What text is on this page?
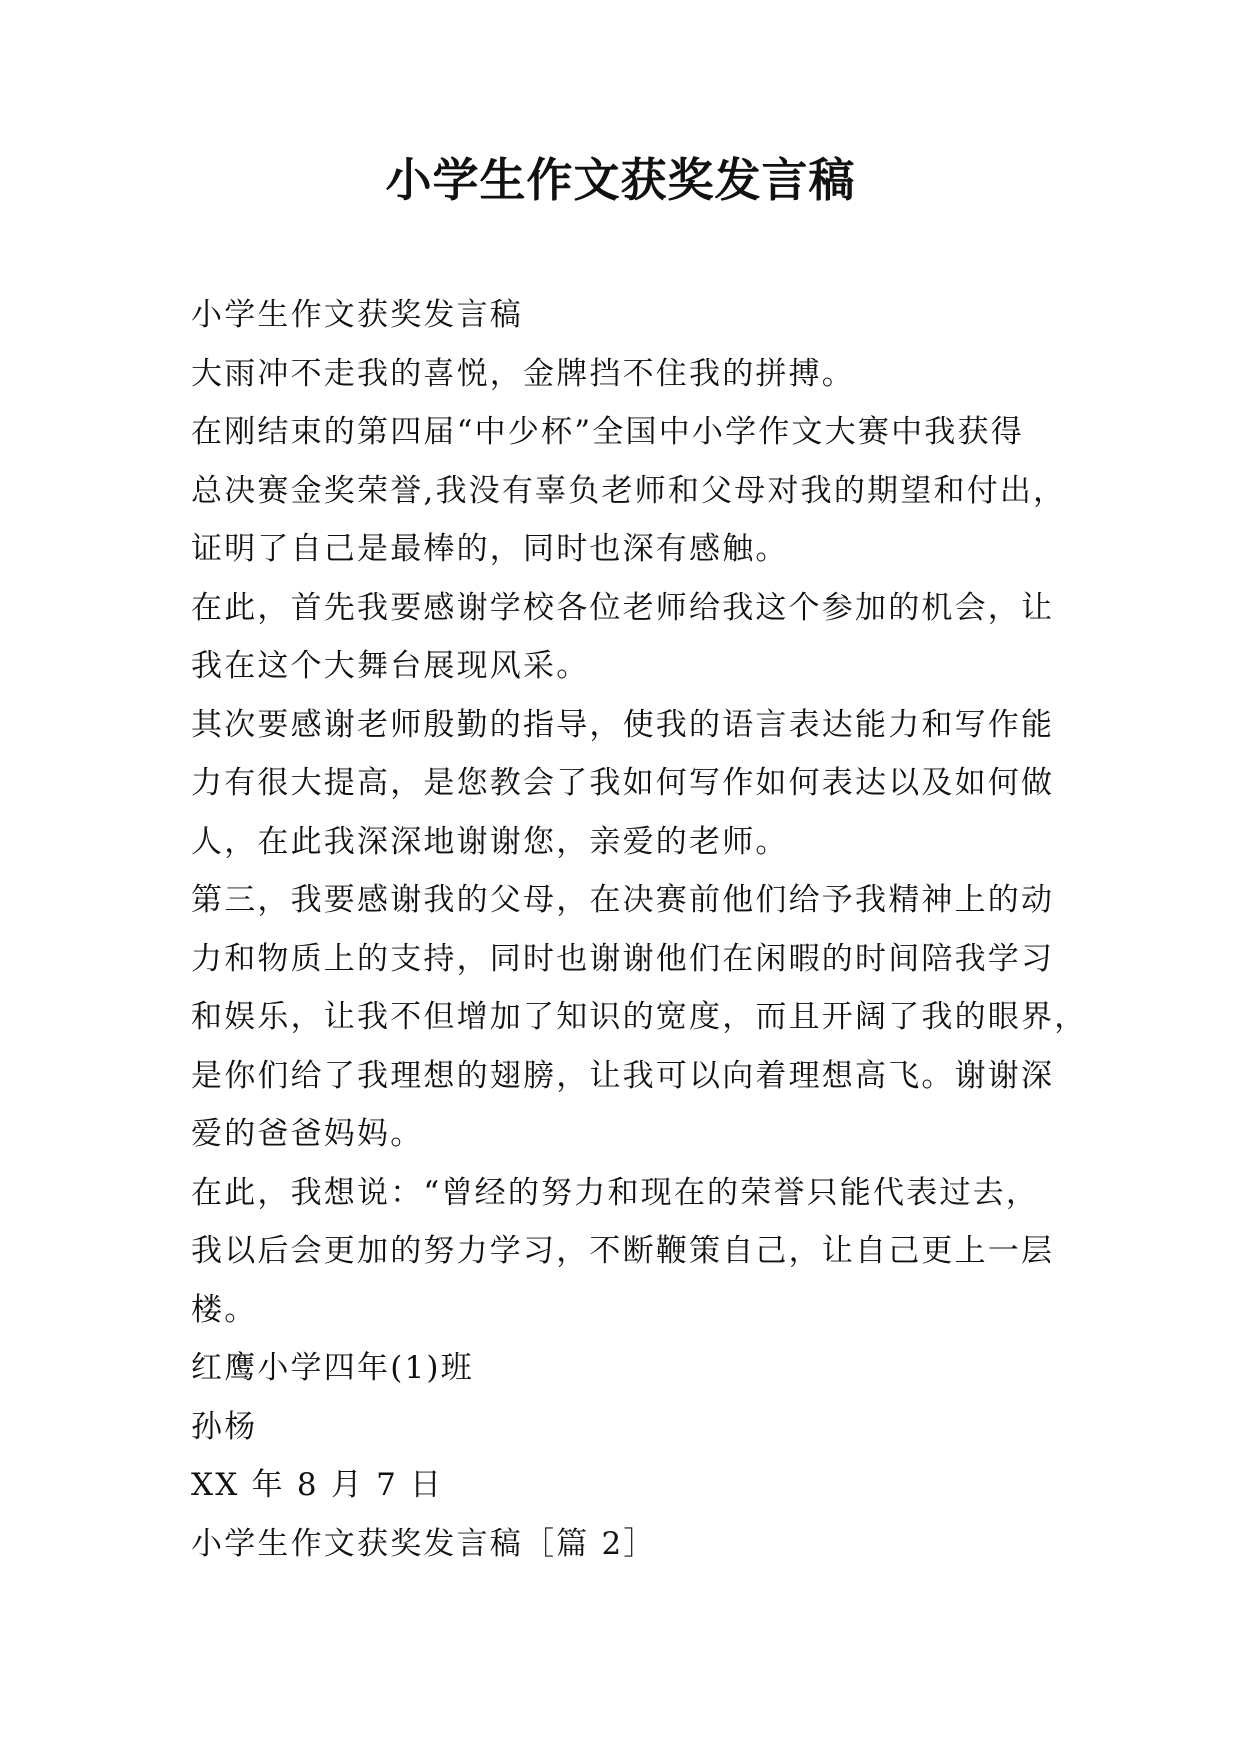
小学生作文获奖发言稿
小学生作文获奖发言稿
大雨冲不走我的喜悦，金牌挡不住我的拼搏。
在刚结束的第四届“中少杯”全国中小学作文大赛中我获得
总决赛金奖荣誉,我没有辜负老师和父母对我的期望和付出，
证明了自己是最棒的，同时也深有感触。
在此，首先我要感谢学校各位老师给我这个参加的机会，让
我在这个大舞台展现风采。
其次要感谢老师殷勤的指导，使我的语言表达能力和写作能
力有很大提高，是您教会了我如何写作如何表达以及如何做
人，在此我深深地谢谢您，亲爱的老师。
第三，我要感谢我的父母，在决赛前他们给予我精神上的动
力和物质上的支持，同时也谢谢他们在闲暇的时间陪我学习
和娱乐，让我不但增加了知识的宽度，而且开阔了我的眼界，
是你们给了我理想的翅膀，让我可以向着理想高飞。谢谢深
爱的爸爸妈妈。
在此，我想说：“曾经的努力和现在的荣誉只能代表过去，
我以后会更加的努力学习，不断鞭策自己，让自己更上一层
楼。
红鹰小学四年(1)班
孙杨
XX 年 8 月 7 日
小学生作文获奖发言稿［篇 2］
